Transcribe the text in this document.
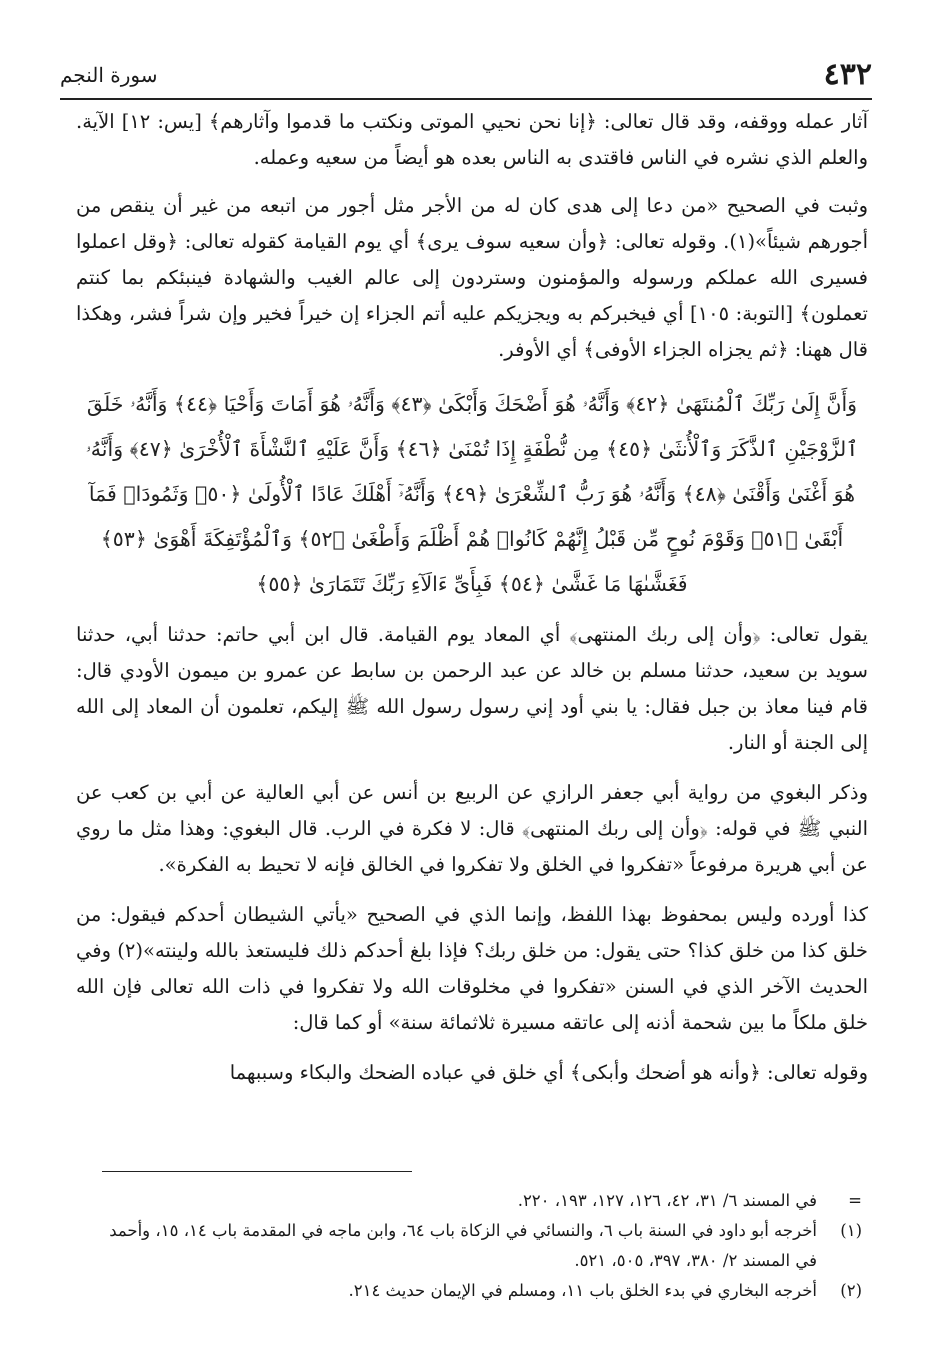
٤٣٢
سورة النجم

آثار عمله ووقفه، وقد قال تعالى: ﴿إنا نحن نحيي الموتى ونكتب ما قدموا وآثارهم﴾ [يس: ١٢] الآية. والعلم الذي نشره في الناس فاقتدى به الناس بعده هو أيضاً من سعيه وعمله.

وثبت في الصحيح «من دعا إلى هدى كان له من الأجر مثل أجور من اتبعه من غير أن ينقص من أجورهم شيئاً»(١). وقوله تعالى: ﴿وأن سعيه سوف يرى﴾ أي يوم القيامة كقوله تعالى: ﴿وقل اعملوا فسيرى الله عملكم ورسوله والمؤمنون وستردون إلى عالم الغيب والشهادة فينبئكم بما كنتم تعملون﴾ [التوبة: ١٠٥] أي فيخبركم به ويجزيكم عليه أتم الجزاء إن خيراً فخير وإن شراً فشر، وهكذا قال ههنا: ﴿ثم يجزاه الجزاء الأوفى﴾ أي الأوفر.

وَأَنَّ إِلَىٰ رَبِّكَ ٱلْمُنتَهَىٰ ﴿٤٢﴾ وَأَنَّهُۥ هُوَ أَضْحَكَ وَأَبْكَىٰ ﴿٤٣﴾ وَأَنَّهُۥ هُوَ أَمَاتَ وَأَحْيَا ﴿٤٤﴾ وَأَنَّهُۥ خَلَقَ ٱلزَّوْجَيْنِ ٱلذَّكَرَ وَٱلْأُنثَىٰ ﴿٤٥﴾ مِن نُّطْفَةٍ إِذَا تُمْنَىٰ ﴿٤٦﴾ وَأَنَّ عَلَيْهِ ٱلنَّشْأَةَ ٱلْأُخْرَىٰ ﴿٤٧﴾ وَأَنَّهُۥ هُوَ أَغْنَىٰ وَأَقْنَىٰ ﴿٤٨﴾ وَأَنَّهُۥ هُوَ رَبُّ ٱلشِّعْرَىٰ ﴿٤٩﴾ وَأَنَّهُۥٓ أَهْلَكَ عَادًا ٱلْأُولَىٰ ﴿٥٠﴾ وَثَمُودَا۟ فَمَآ أَبْقَىٰ ﴿٥١﴾ وَقَوْمَ نُوحٍ مِّن قَبْلُ إِنَّهُمْ كَانُوا۟ هُمْ أَظْلَمَ وَأَطْغَىٰ ﴿٥٢﴾ وَٱلْمُؤْتَفِكَةَ أَهْوَىٰ ﴿٥٣﴾ فَغَشَّىٰهَا مَا غَشَّىٰ ﴿٥٤﴾ فَبِأَىِّ ءَالَآءِ رَبِّكَ تَتَمَارَىٰ ﴿٥٥﴾

يقول تعالى: ﴿وأن إلى ربك المنتهى﴾ أي المعاد يوم القيامة. قال ابن أبي حاتم: حدثنا أبي، حدثنا سويد بن سعيد، حدثنا مسلم بن خالد عن عبد الرحمن بن سابط عن عمرو بن ميمون الأودي قال: قام فينا معاذ بن جبل فقال: يا بني أود إني رسول رسول الله ﷺ إليكم، تعلمون أن المعاد إلى الله إلى الجنة أو النار.

وذكر البغوي من رواية أبي جعفر الرازي عن الربيع بن أنس عن أبي العالية عن أبي بن كعب عن النبي ﷺ في قوله: ﴿وأن إلى ربك المنتهى﴾ قال: لا فكرة في الرب. قال البغوي: وهذا مثل ما روي عن أبي هريرة مرفوعاً «تفكروا في الخلق ولا تفكروا في الخالق فإنه لا تحيط به الفكرة».

كذا أورده وليس بمحفوظ بهذا اللفظ، وإنما الذي في الصحيح «يأتي الشيطان أحدكم فيقول: من خلق كذا من خلق كذا؟ حتى يقول: من خلق ربك؟ فإذا بلغ أحدكم ذلك فليستعذ بالله ولينته»(٢) وفي الحديث الآخر الذي في السنن «تفكروا في مخلوقات الله ولا تفكروا في ذات الله تعالى فإن الله خلق ملكاً ما بين شحمة أذنه إلى عاتقه مسيرة ثلاثمائة سنة» أو كما قال:

وقوله تعالى: ﴿وأنه هو أضحك وأبكى﴾ أي خلق في عباده الضحك والبكاء وسببهما

=
في المسند ٦/ ٣١، ٤٢، ١٢٦، ١٢٧، ١٩٣، ٢٢٠.
(١)
أخرجه أبو داود في السنة باب ٦، والنسائي في الزكاة باب ٦٤، وابن ماجه في المقدمة باب ١٤، ١٥، وأحمد في المسند ٢/ ٣٨٠، ٣٩٧، ٥٠٥، ٥٢١.
(٢)
أخرجه البخاري في بدء الخلق باب ١١، ومسلم في الإيمان حديث ٢١٤.
